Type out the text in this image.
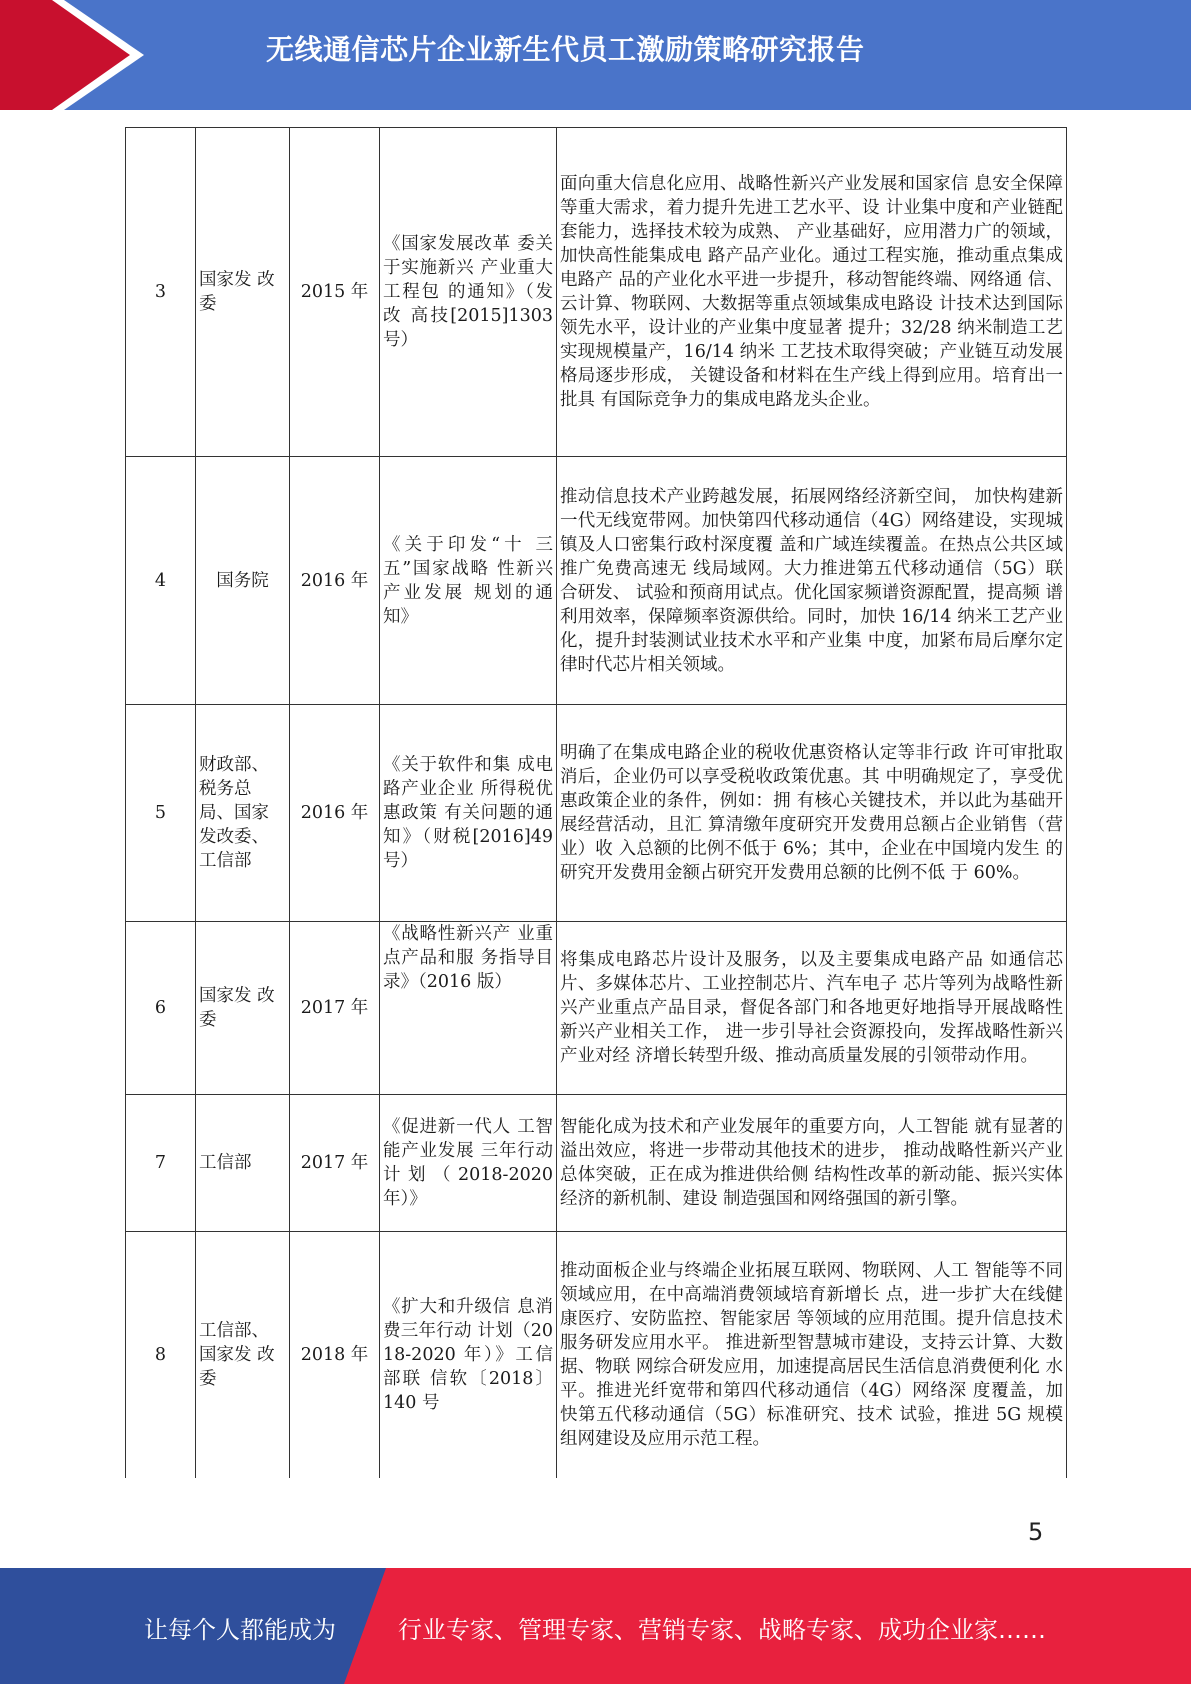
无线通信芯片企业新生代员工激励策略研究报告
3	国家发 改委	2015 年	《国家发展改革 委关于实施新兴 产业重大工程包 的通知》（发改 高技[2015]1303 号）	面向重大信息化应用、战略性新兴产业发展和国家信 息安全保障等重大需求，着力提升先进工艺水平、设 计业集中度和产业链配套能力，选择技术较为成熟、 产业基础好，应用潜力广的领域，加快高性能集成电 路产品产业化。通过工程实施，推动重点集成电路产 品的产业化水平进一步提升，移动智能终端、网络通 信、云计算、物联网、大数据等重点领域集成电路设 计技术达到国际领先水平，设计业的产业集中度显著 提升；32/28 纳米制造工艺实现规模量产，16/14 纳米 工艺技术取得突破；产业链互动发展格局逐步形成， 关键设备和材料在生产线上得到应用。培育出一批具 有国际竞争力的集成电路龙头企业。
4	国务院	2016 年	《关于印发“十 三五”国家战略 性新兴产业发展 规划的通知》	推动信息技术产业跨越发展，拓展网络经济新空间， 加快构建新一代无线宽带网。加快第四代移动通信（4G）网络建设，实现城镇及人口密集行政村深度覆 盖和广域连续覆盖。在热点公共区域推广免费高速无 线局域网。大力推进第五代移动通信（5G）联合研发、 试验和预商用试点。优化国家频谱资源配置，提高频 谱利用效率，保障频率资源供给。同时，加快 16/14 纳米工艺产业化，提升封装测试业技术水平和产业集 中度，加紧布局后摩尔定律时代芯片相关领域。
5	财政部、 税务总 局、国家 发改委、 工信部	2016 年	《关于软件和集 成电路产业企业 所得税优惠政策 有关问题的通 知》（财税[2016]49 号）	明确了在集成电路企业的税收优惠资格认定等非行政 许可审批取消后，企业仍可以享受税收政策优惠。其 中明确规定了，享受优惠政策企业的条件，例如：拥 有核心关键技术，并以此为基础开展经营活动，且汇 算清缴年度研究开发费用总额占企业销售（营业）收 入总额的比例不低于 6%；其中，企业在中国境内发生 的研究开发费用金额占研究开发费用总额的比例不低 于 60%。
6	国家发 改委	2017 年	《战略性新兴产 业重点产品和服 务指导目录》（2016 版）	将集成电路芯片设计及服务，以及主要集成电路产品 如通信芯片、多媒体芯片、工业控制芯片、汽车电子 芯片等列为战略性新兴产业重点产品目录，督促各部门和各地更好地指导开展战略性新兴产业相关工作， 进一步引导社会资源投向，发挥战略性新兴产业对经 济增长转型升级、推动高质量发展的引领带动作用。
7	工信部	2017 年	《促进新一代人 工智能产业发展 三年行动计划（2018-2020 年）》	智能化成为技术和产业发展年的重要方向，人工智能 就有显著的溢出效应，将进一步带动其他技术的进步， 推动战略性新兴产业总体突破，正在成为推进供给侧 结构性改革的新动能、振兴实体经济的新机制、建设 制造强国和网络强国的新引擎。
8	工信部、国家发 改委	2018 年	《扩大和升级信 息消费三年行动 计划（2018-2020 年）》工信部联 信软〔2018〕 140 号	推动面板企业与终端企业拓展互联网、物联网、人工 智能等不同领域应用，在中高端消费领域培育新增长 点，进一步扩大在线健康医疗、安防监控、智能家居 等领域的应用范围。提升信息技术服务研发应用水平。 推进新型智慧城市建设，支持云计算、大数据、物联 网综合研发应用，加速提高居民生活信息消费便利化 水平。推进光纤宽带和第四代移动通信（4G）网络深 度覆盖，加快第五代移动通信（5G）标准研究、技术 试验，推进 5G 规模组网建设及应用示范工程。
5
让每个人都能成为	行业专家、管理专家、营销专家、战略专家、成功企业家……
